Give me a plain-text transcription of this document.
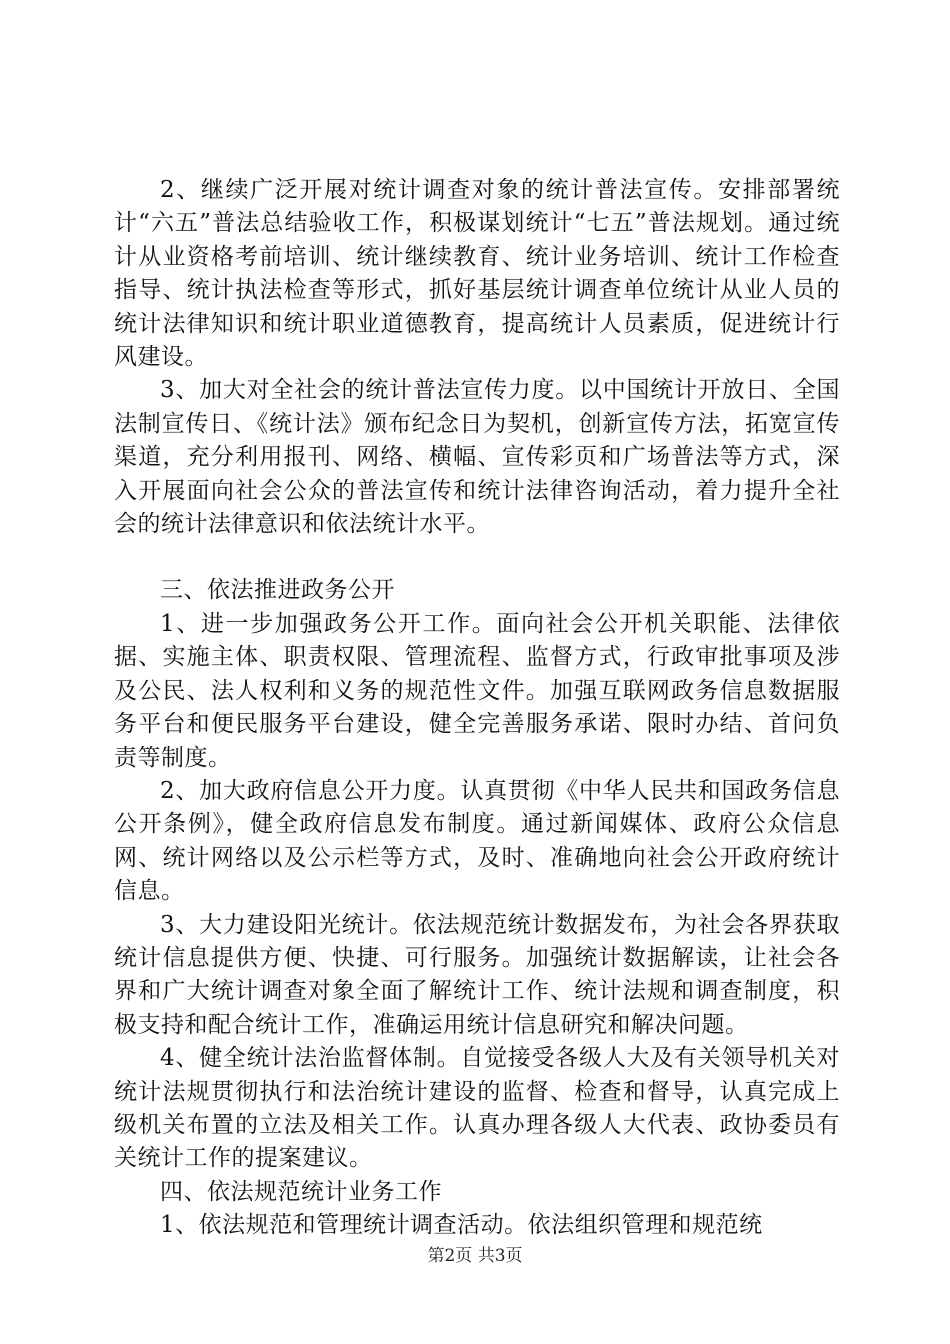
2、继续广泛开展对统计调查对象的统计普法宣传。安排部署统计“六五”普法总结验收工作，积极谋划统计“七五”普法规划。通过统计从业资格考前培训、统计继续教育、统计业务培训、统计工作检查指导、统计执法检查等形式，抓好基层统计调查单位统计从业人员的统计法律知识和统计职业道德教育，提高统计人员素质，促进统计行风建设。

3、加大对全社会的统计普法宣传力度。以中国统计开放日、全国法制宣传日、《统计法》颁布纪念日为契机，创新宣传方法，拓宽宣传渠道，充分利用报刊、网络、横幅、宣传彩页和广场普法等方式，深入开展面向社会公众的普法宣传和统计法律咨询活动，着力提升全社会的统计法律意识和依法统计水平。

三、依法推进政务公开

1、进一步加强政务公开工作。面向社会公开机关职能、法律依据、实施主体、职责权限、管理流程、监督方式，行政审批事项及涉及公民、法人权利和义务的规范性文件。加强互联网政务信息数据服务平台和便民服务平台建设，健全完善服务承诺、限时办结、首问负责等制度。

2、加大政府信息公开力度。认真贯彻《中华人民共和国政务信息公开条例》，健全政府信息发布制度。通过新闻媒体、政府公众信息网、统计网络以及公示栏等方式，及时、准确地向社会公开政府统计信息。

3、大力建设阳光统计。依法规范统计数据发布，为社会各界获取统计信息提供方便、快捷、可行服务。加强统计数据解读，让社会各界和广大统计调查对象全面了解统计工作、统计法规和调查制度，积极支持和配合统计工作，准确运用统计信息研究和解决问题。

4、健全统计法治监督体制。自觉接受各级人大及有关领导机关对统计法规贯彻执行和法治统计建设的监督、检查和督导，认真完成上级机关布置的立法及相关工作。认真办理各级人大代表、政协委员有关统计工作的提案建议。

四、依法规范统计业务工作

1、依法规范和管理统计调查活动。依法组织管理和规范统

第2页 共3页
